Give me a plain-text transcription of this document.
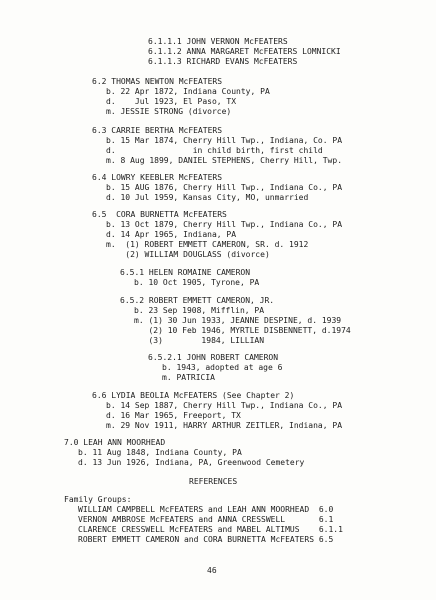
6.1.1.1 JOHN VERNON McFEATERS
6.1.1.2 ANNA MARGARET McFEATERS LOMNICKI
6.1.1.3 RICHARD EVANS McFEATERS
6.2 THOMAS NEWTON McFEATERS
b. 22 Apr 1872, Indiana County, PA
d.    Jul 1923, El Paso, TX
m. JESSIE STRONG (divorce)
6.3 CARRIE BERTHA McFEATERS
b. 15 Mar 1874, Cherry Hill Twp., Indiana, Co. PA
d.                in child birth, first child
m. 8 Aug 1899, DANIEL STEPHENS, Cherry Hill, Twp.
6.4 LOWRY KEEBLER McFEATERS
b. 15 AUG 1876, Cherry Hill Twp., Indiana Co., PA
d. 10 Jul 1959, Kansas City, MO, unmarried
6.5  CORA BURNETTA McFEATERS
b. 13 Oct 1879, Cherry Hill Twp., Indiana Co., PA
d. 14 Apr 1965, Indiana, PA
m.  (1) ROBERT EMMETT CAMERON, SR. d. 1912
(2) WILLIAM DOUGLASS (divorce)
6.5.1 HELEN ROMAINE CAMERON
b. 10 Oct 1905, Tyrone, PA
6.5.2 ROBERT EMMETT CAMERON, JR.
b. 23 Sep 1908, Mifflin, PA
m. (1) 30 Jun 1933, JEANNE DESPINE, d. 1939
(2) 10 Feb 1946, MYRTLE DISBENNETT, d.1974
(3)        1984, LILLIAN
6.5.2.1 JOHN ROBERT CAMERON
b. 1943, adopted at age 6
m. PATRICIA
6.6 LYDIA BEOLIA McFEATERS (See Chapter 2)
b. 14 Sep 1887, Cherry Hill Twp., Indiana Co., PA
d. 16 Mar 1965, Freeport, TX
m. 29 Nov 1911, HARRY ARTHUR ZEITLER, Indiana, PA
7.0 LEAH ANN MOORHEAD
b. 11 Aug 1848, Indiana County, PA
d. 13 Jun 1926, Indiana, PA, Greenwood Cemetery
REFERENCES
Family Groups:
WILLIAM CAMPBELL McFEATERS and LEAH ANN MOORHEAD  6.0
VERNON AMBROSE McFEATERS and ANNA CRESSWELL       6.1
CLARENCE CRESSWELL McFEATERS and MABEL ALTIMUS    6.1.1
ROBERT EMMETT CAMERON and CORA BURNETTA McFEATERS 6.5
46
